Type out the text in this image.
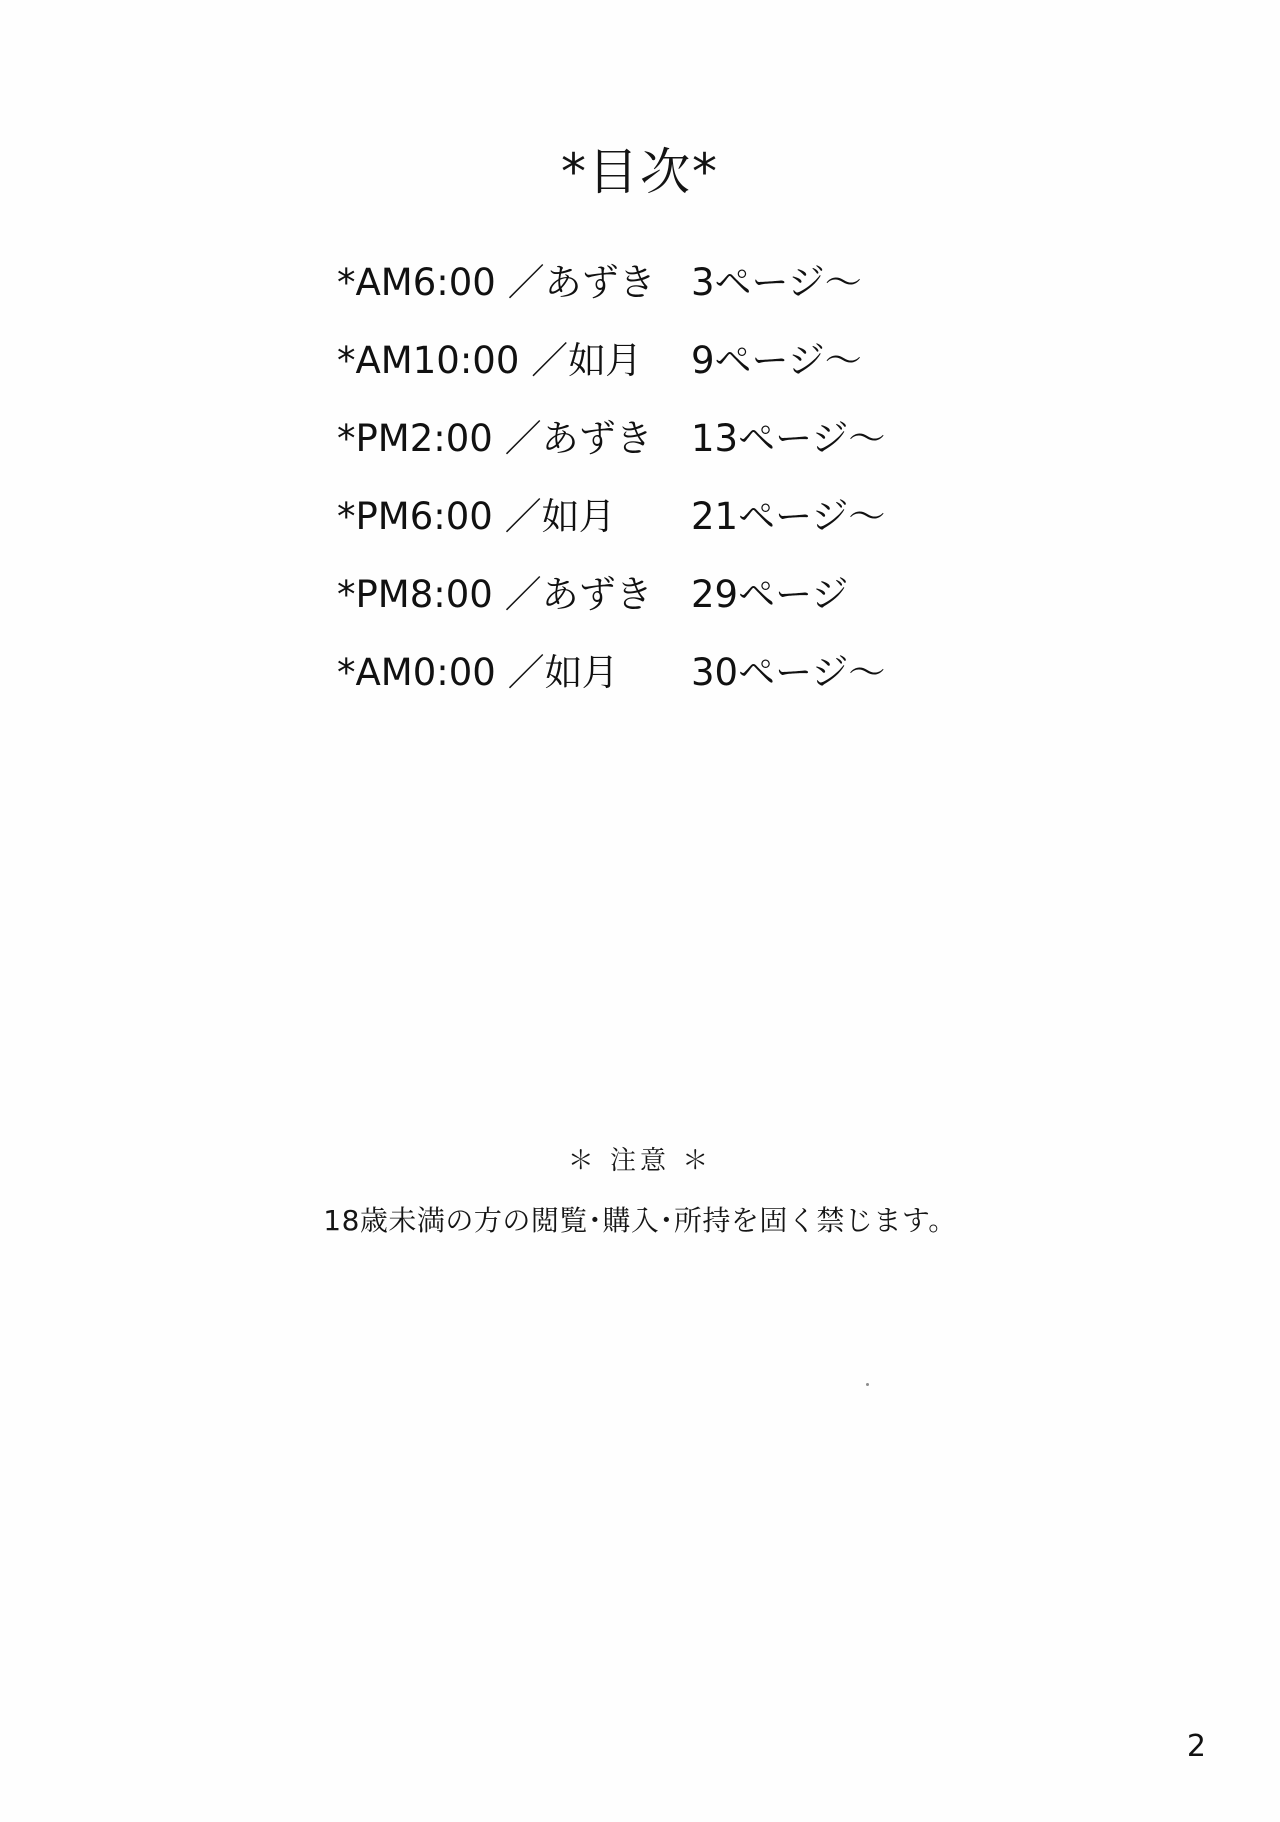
*目次*
*AM6:00 ／あずき 3ページ〜
*AM10:00 ／如月	9ページ〜
*PM2:00 ／あずき	13ページ〜
*PM6:00 ／如月	21ページ〜
*PM8:00 ／あずき	29ページ
*AM0:00 ／如月	30ページ〜
＊ 注意 ＊
18歳未満の方の閲覧･購入･所持を固く禁じます。
2
